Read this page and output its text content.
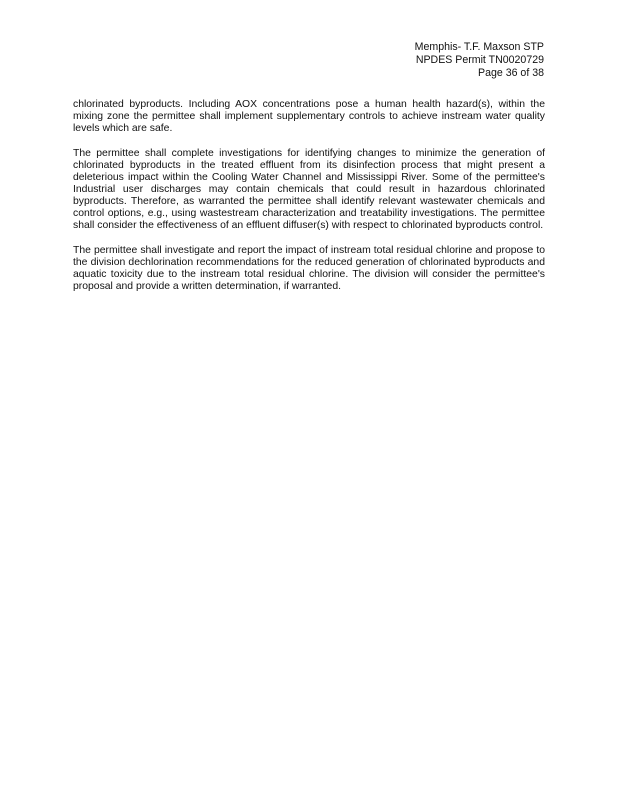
Memphis- T.F. Maxson STP
NPDES Permit TN0020729
Page 36 of 38

chlorinated byproducts. Including AOX concentrations pose a human health hazard(s), within the mixing zone the permittee shall implement supplementary controls to achieve instream water quality levels which are safe.

The permittee shall complete investigations for identifying changes to minimize the generation of chlorinated byproducts in the treated effluent from its disinfection process that might present a deleterious impact within the Cooling Water Channel and Mississippi River. Some of the permittee's Industrial user discharges may contain chemicals that could result in hazardous chlorinated byproducts. Therefore, as warranted the permittee shall identify relevant wastewater chemicals and control options, e.g., using wastestream characterization and treatability investigations. The permittee shall consider the effectiveness of an effluent diffuser(s) with respect to chlorinated byproducts control.

The permittee shall investigate and report the impact of instream total residual chlorine and propose to the division dechlorination recommendations for the reduced generation of chlorinated byproducts and aquatic toxicity due to the instream total residual chlorine. The division will consider the permittee's proposal and provide a written determination, if warranted.
